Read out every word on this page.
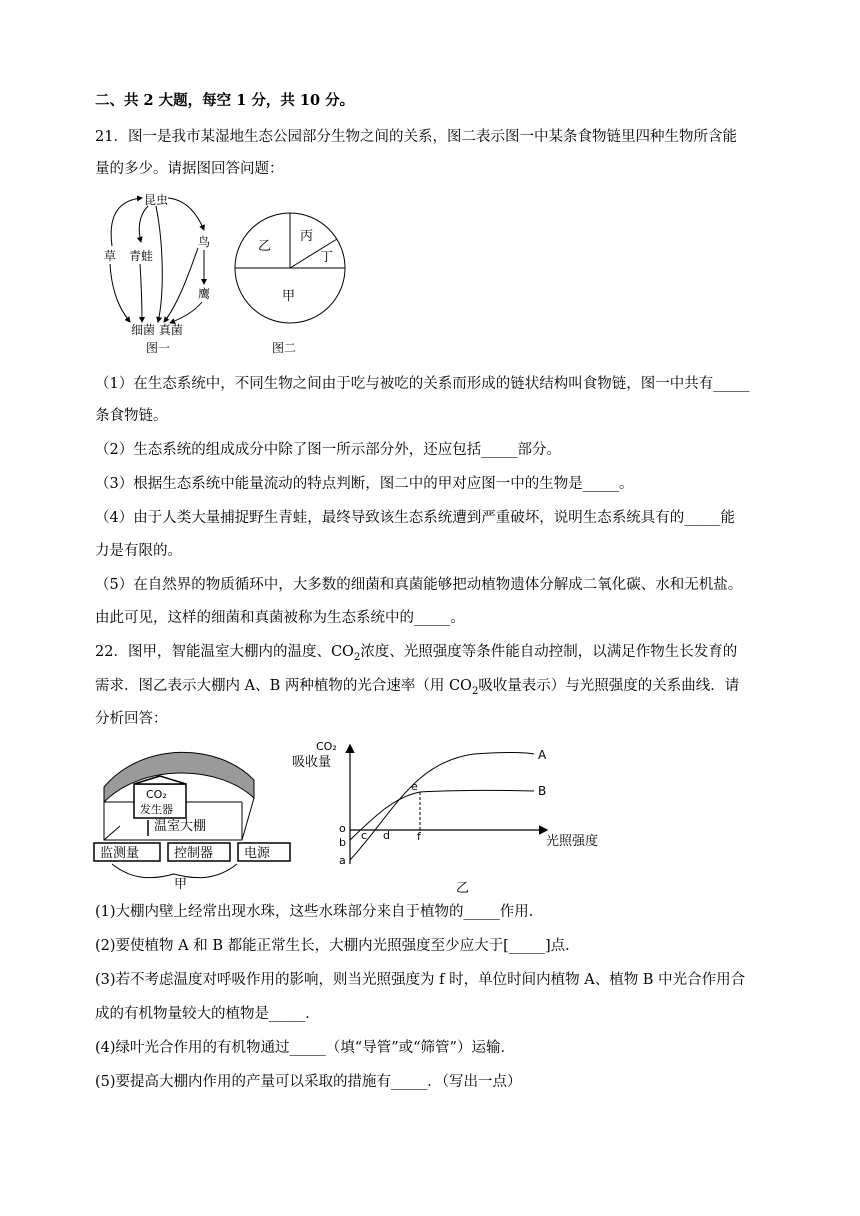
二、共 2 大题，每空 1 分，共 10 分。
21．图一是我市某湿地生态公园部分生物之间的关系，图二表示图一中某条食物链里四种生物所含能
量的多少。请据图回答问题：
昆虫
草 青蛙
鸟
鹰
细菌 真菌
图一
乙
丙
丁
甲
图二
（1）在生态系统中，不同生物之间由于吃与被吃的关系而形成的链状结构叫食物链，图一中共有_____
条食物链。
（2）生态系统的组成成分中除了图一所示部分外，还应包括_____部分。
（3）根据生态系统中能量流动的特点判断，图二中的甲对应图一中的生物是_____。
（4）由于人类大量捕捉野生青蛙，最终导致该生态系统遭到严重破坏，说明生态系统具有的_____能
力是有限的。
（5）在自然界的物质循环中，大多数的细菌和真菌能够把动植物遗体分解成二氧化碳、水和无机盐。
由此可见，这样的细菌和真菌被称为生态系统中的_____。
22．图甲，智能温室大棚内的温度、$CO_2$浓度、光照强度等条件能自动控制，以满足作物生长发育的
需求．图乙表示大棚内 A、B 两种植物的光合速率（用 $CO_2$吸收量表示）与光照强度的关系曲线．请
分析回答：
CO₂
发生器
温室大棚
监测量	控制器 电源
甲
CO₂
吸收量
光照强度
A
B
o
b
a
c d
e
f
乙
(1)大棚内壁上经常出现水珠，这些水珠部分来自于植物的_____作用．
(2)要使植物 A 和 B 都能正常生长，大棚内光照强度至少应大于[_____]点．
(3)若不考虑温度对呼吸作用的影响，则当光照强度为 f 时，单位时间内植物 A、植物 B 中光合作用合
成的有机物量较大的植物是_____．
(4)绿叶光合作用的有机物通过_____（填“导管”或“筛管”）运输．
(5)要提高大棚内作用的产量可以采取的措施有_____．（写出一点）
